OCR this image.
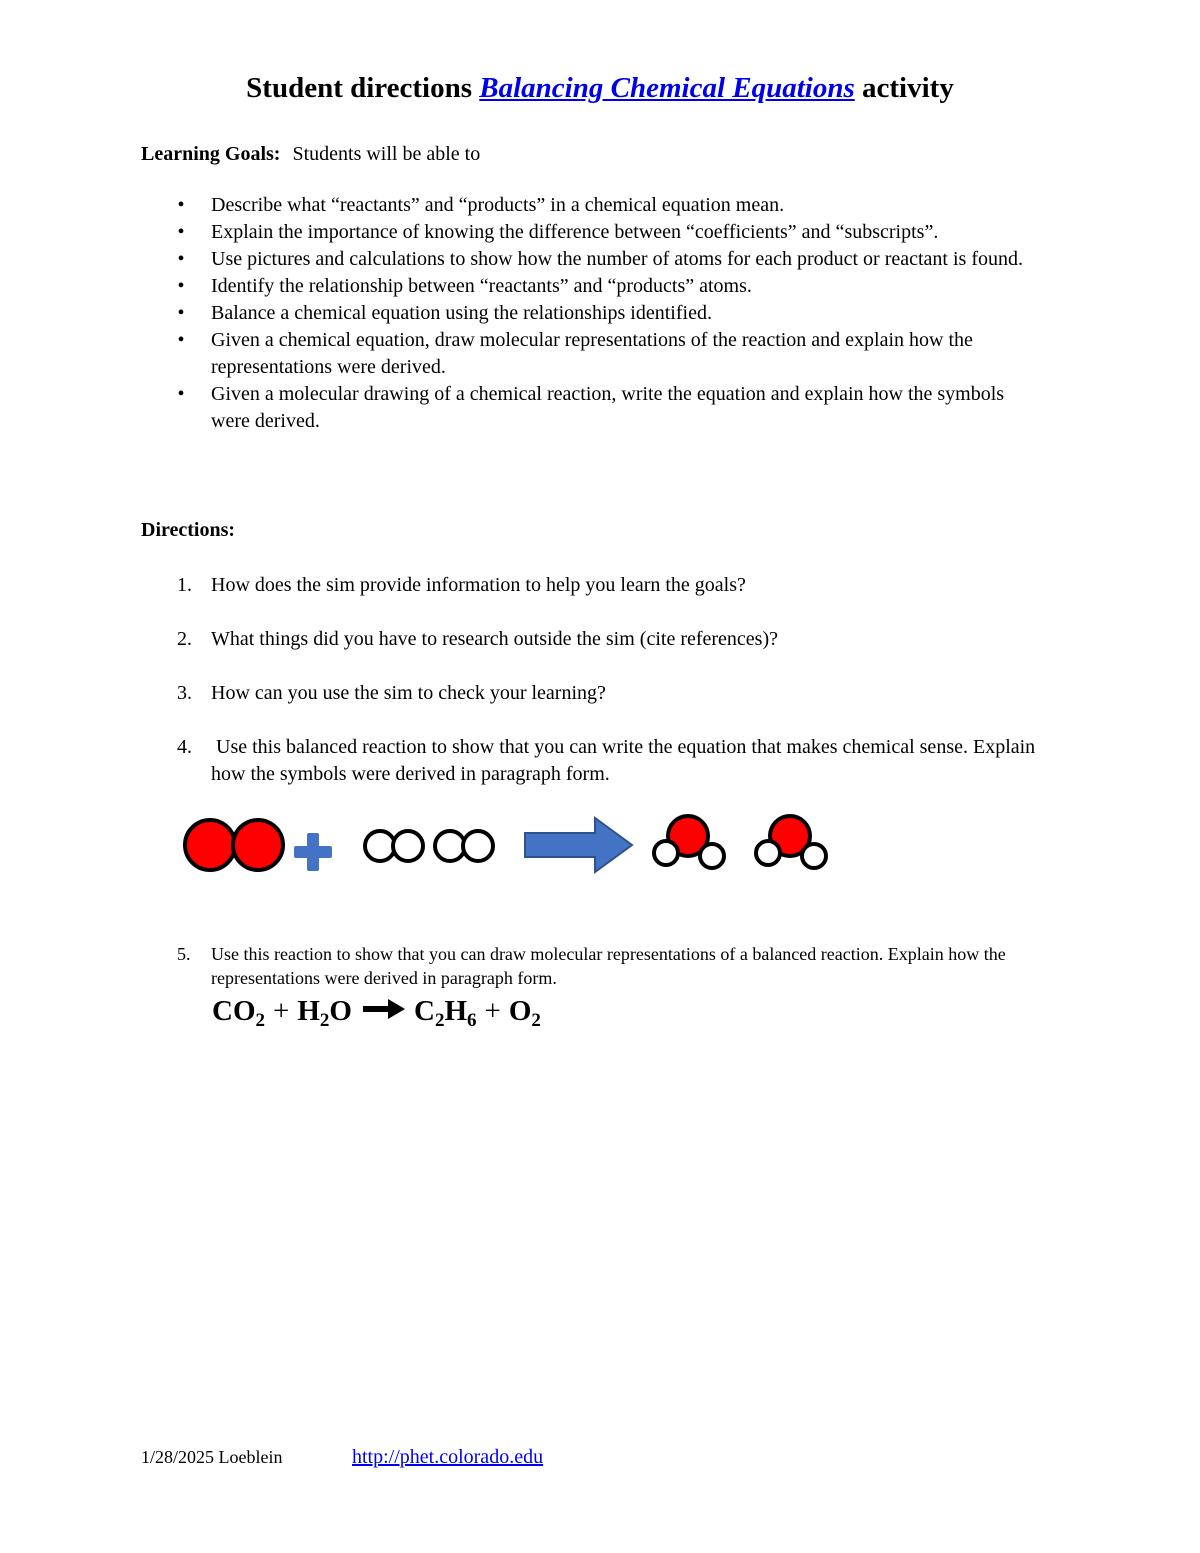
Student directions Balancing Chemical Equations activity
Learning Goals: Students will be able to
•	Describe what “reactants” and “products” in a chemical equation mean.
•	Explain the importance of knowing the difference between “coefficients” and “subscripts”.
•	Use pictures and calculations to show how the number of atoms for each product or reactant is found.
•	Identify the relationship between “reactants” and “products” atoms.
•	Balance a chemical equation using the relationships identified.
•	Given a chemical equation, draw molecular representations of the reaction and explain how the representations were derived.
•	Given a molecular drawing of a chemical reaction, write the equation and explain how the symbols were derived.
Directions:
1. How does the sim provide information to help you learn the goals?
2. What things did you have to research outside the sim (cite references)?
3. How can you use the sim to check your learning?
4. Use this balanced reaction to show that you can write the equation that makes chemical sense. Explain how the symbols were derived in paragraph form.
5.	Use this reaction to show that you can draw molecular representations of a balanced reaction. Explain how the representations were derived in paragraph form.
$CO_2 + H_2O$ $C_2H_6 + O_2$
1/28/2025 Loeblein	http://phet.colorado.edu
